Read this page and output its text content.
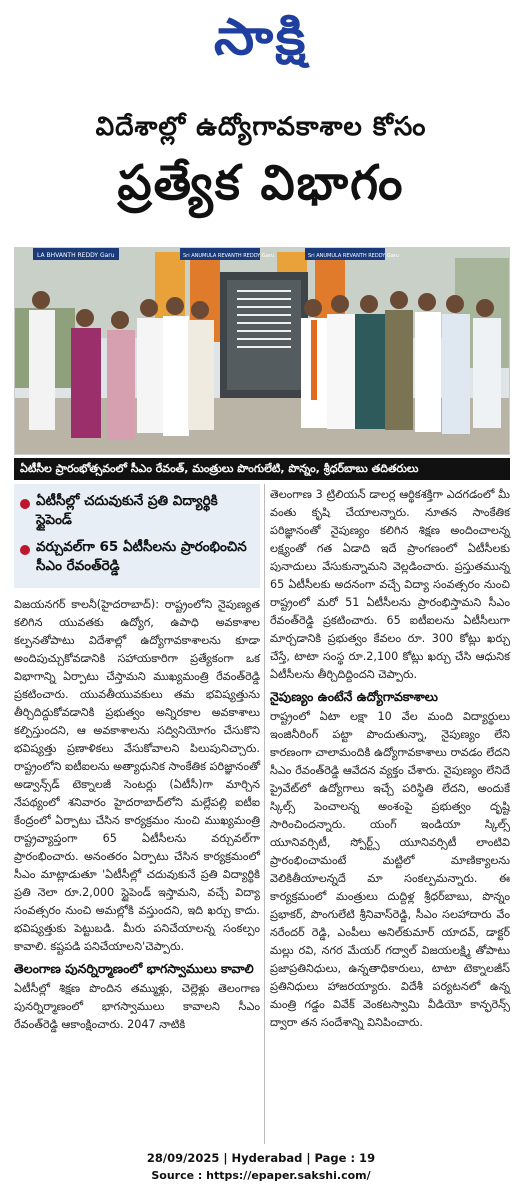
సాక్షి
విదేశాల్లో ఉద్యోగావకాశాల కోసం
ప్రత్యేక విభాగం
LA BHVANTH REDDY Garu	Sri ANUMULA REVANTH REDDY Garu	Sri ANUMULA REVANTH REDDY Garu
ఏటీసీల ప్రారంభోత్సవంలో సీఎం రేవంత్, మంత్రులు పొంగులేటి, పొన్నం, శ్రీధర్‌బాబు తదితరులు
ఏటీసీల్లో చదువుకునే ప్రతి విద్యార్థికి స్టైపెండ్
వర్చువల్‌గా 65 ఏటీసీలను ప్రారంభించిన సీఎం రేవంత్‌రెడ్డి

విజయనగర్ కాలనీ(హైదరాబాద్): రాష్ట్రంలోని నైపుణ్యత కలిగిన యువతకు ఉద్యోగ, ఉపాధి అవకాశాల కల్పనతోపాటు విదేశాల్లో ఉద్యోగావకాశాలను కూడా అందిపుచ్చుకోవడానికి సహాయకారిగా ప్రత్యేకంగా ఒక విభాగాన్ని ఏర్పాటు చేస్తామని ముఖ్యమంత్రి రేవంత్‌రెడ్డి ప్రకటించారు. యువతీయువకులు తమ భవిష్యత్తును తీర్చిదిద్దుకోవడానికి ప్రభుత్వం అన్నిరకాల అవకాశాలు కల్పిస్తుందని, ఆ అవకాశాలను సద్వినియోగం చేసుకొని భవిష్యత్తు ప్రణాళికలు వేసుకోవాలని పిలుపునిచ్చారు. రాష్ట్రంలోని ఐటీఐలను అత్యాధునిక సాంకేతిక పరిజ్ఞానంతో అడ్వాన్స్‌డ్ టెక్నాలజీ సెంటర్లు (ఏటీసీ)గా మార్చిన నేపథ్యంలో శనివారం హైదరాబాద్‌లోని మల్లేపల్లి ఐటీఐ కేంద్రంలో ఏర్పాటు చేసిన కార్యక్రమం నుంచి ముఖ్యమంత్రి రాష్ట్రవ్యాప్తంగా 65 ఏటీసీలను వర్చువల్‌గా ప్రారంభించారు. అనంతరం ఏర్పాటు చేసిన కార్యక్రమంలో సీఎం మాట్లాడుతూ 'ఏటీసీల్లో చదువుకునే ప్రతి విద్యార్థికి ప్రతి నెలా రూ.2,000 స్టైపెండ్ ఇస్తామని, వచ్చే విద్యా సంవత్సరం నుంచి అమల్లోకి వస్తుందని, ఇది ఖర్చు కాదు. భవిష్యత్తుకు పెట్టుబడి. మీరు పనిచేయాలన్న సంకల్పం కావాలి. కష్టపడి పనిచేయాలని'చెప్పారు.

తెలంగాణ పునర్నిర్మాణంలో భాగస్వాములు కావాలి

ఏటీసీల్లో శిక్షణ పొందిన తమ్ముళ్లు, చెల్లెళ్లు తెలంగాణ పునర్నిర్మాణంలో భాగస్వాములు కావాలని సీఎం రేవంత్‌రెడ్డి ఆకాంక్షించారు. 2047 నాటికి

తెలంగాణ 3 ట్రిలియన్ డాలర్ల ఆర్థికశక్తిగా ఎదగడంలో మీ వంతు కృషి చేయాలన్నారు. నూతన సాంకేతిక పరిజ్ఞానంతో నైపుణ్యం కలిగిన శిక్షణ అందించాలన్న లక్ష్యంతో గత ఏడాది ఇదే ప్రాంగణంలో ఏటీసీలకు పునాదులు వేసుకున్నామని వెల్లడించారు. ప్రస్తుతమున్న 65 ఏటీసీలకు అదనంగా వచ్చే విద్యా సంవత్సరం నుంచి రాష్ట్రంలో మరో 51 ఏటీసీలను ప్రారంభిస్తామని సీఎం రేవంత్‌రెడ్డి ప్రకటించారు. 65 ఐటీఐలను ఏటీసీలుగా మార్చడానికి ప్రభుత్వం కేవలం రూ. 300 కోట్లు ఖర్చు చేస్తే, టాటా సంస్థ రూ.2,100 కోట్లు ఖర్చు చేసి ఆధునిక ఏటీసీలను తీర్చిదిద్దిందని చెప్పారు.

నైపుణ్యం ఉంటేనే ఉద్యోగావకాశాలు

రాష్ట్రంలో ఏటా లక్షా 10 వేల మంది విద్యార్థులు ఇంజినీరింగ్ పట్టా పొందుతున్నా, నైపుణ్యం లేని కారణంగా చాలామందికి ఉద్యోగావకాశాలు రావడం లేదని సీఎం రేవంత్‌రెడ్డి ఆవేదన వ్యక్తం చేశారు. నైపుణ్యం లేనిదే ప్రైవేట్‌లో ఉద్యోగాలు ఇచ్చే పరిస్థితి లేదని, అందుకే స్కిల్స్ పెంచాలన్న అంశంపై ప్రభుత్వం దృష్టి సారించిందన్నారు. యంగ్ ఇండియా స్కిల్స్ యూనివర్సిటీ, స్పోర్ట్స్ యూనివర్సిటీ లాంటివి ప్రారంభించామంటే మట్టిలో మాణిక్యాలను వెలికితీయాలన్నదే మా సంకల్పమన్నారు. ఈ కార్యక్రమంలో మంత్రులు దుద్దిళ్ల శ్రీధర్‌బాబు, పొన్నం ప్రభాకర్, పొంగులేటి శ్రీనివాస్‌రెడ్డి, సీఎం సలహాదారు వేం నరేందర్ రెడ్డి, ఎంపీలు అనిల్‌కుమార్ యాదవ్, డాక్టర్ మల్లు రవి, నగర మేయర్ గద్వాల్ విజయలక్ష్మి తోపాటు ప్రజాప్రతినిధులు, ఉన్నతాధికారులు, టాటా టెక్నాలజీస్ ప్రతినిధులు హాజరయ్యారు. విదేశీ పర్యటనలో ఉన్న మంత్రి గడ్డం వివేక్ వెంకటస్వామి వీడియో కాన్ఫరెన్స్ ద్వారా తన సందేశాన్ని వినిపించారు.

28/09/2025 | Hyderabad | Page : 19
Source : https://epaper.sakshi.com/
